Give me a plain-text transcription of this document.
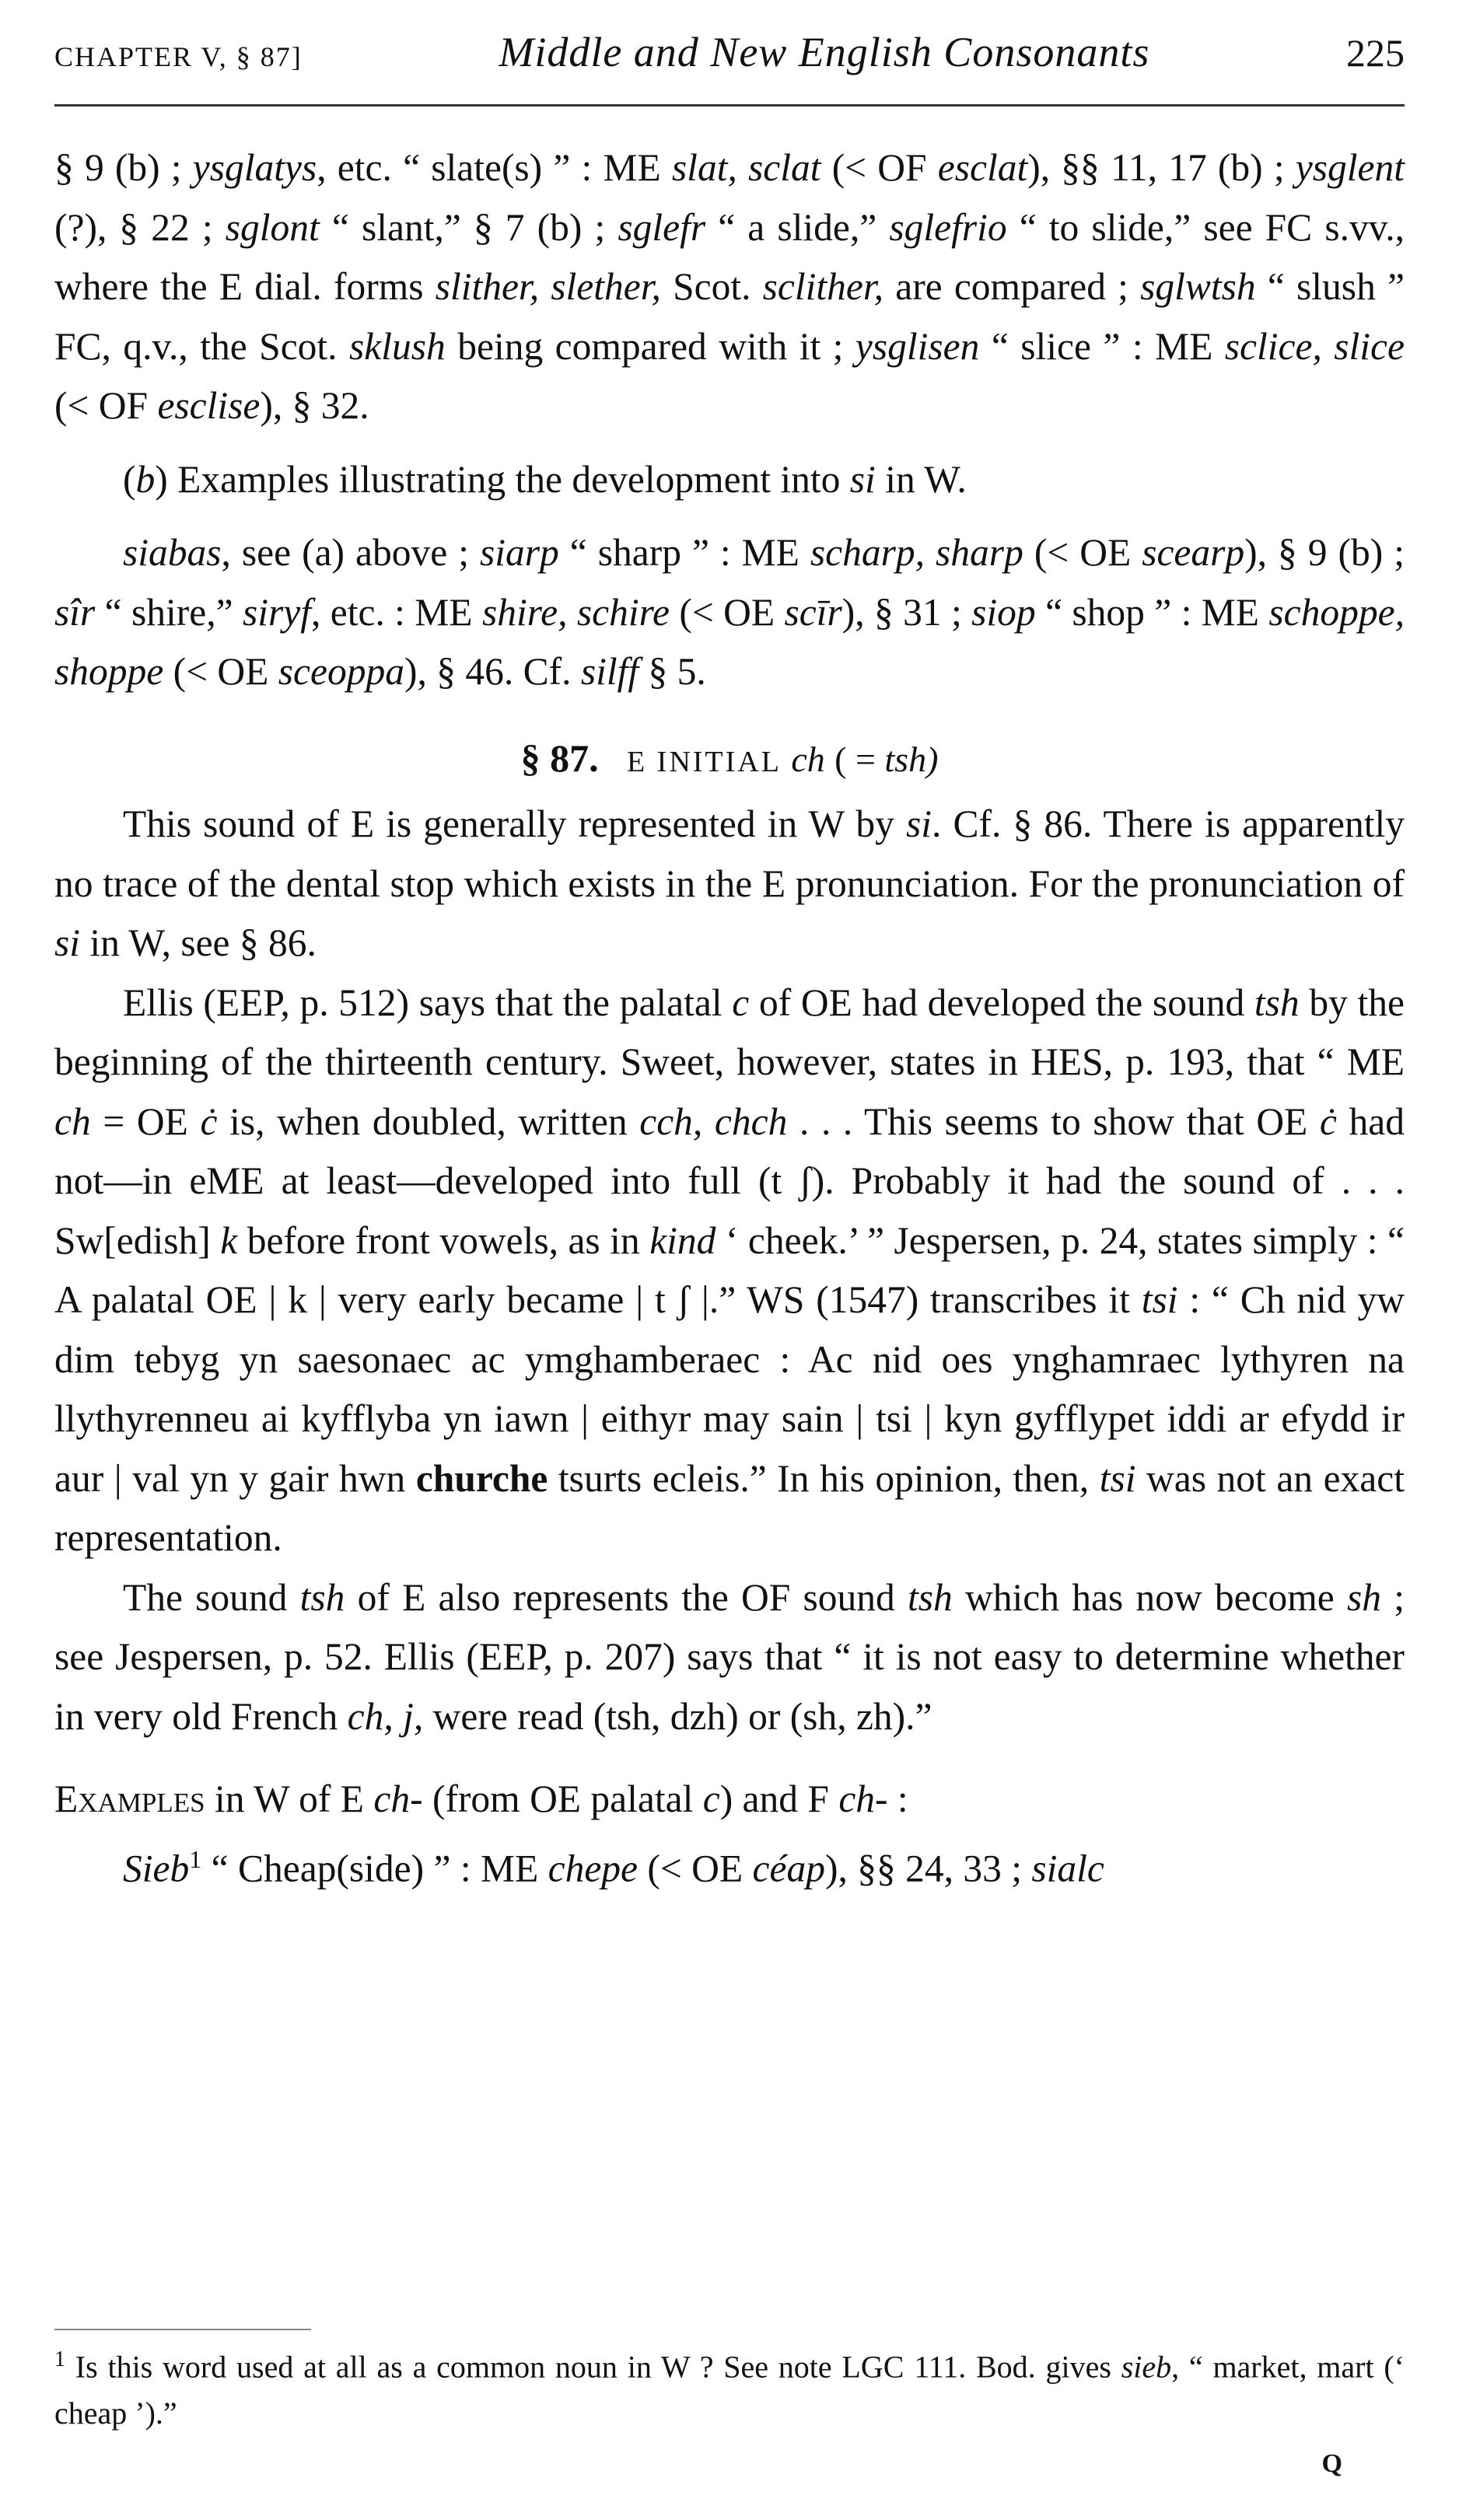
CHAPTER V, § 87]	Middle and New English Consonants	225

§ 9 (b) ; ysglatys, etc. “ slate(s) ” : ME slat, sclat (< OF esclat), §§ 11, 17 (b) ; ysglent (?), § 22 ; sglont “ slant,” § 7 (b) ; sglefr “ a slide,” sglefrio “ to slide,” see FC s.vv., where the E dial. forms slither, slether, Scot. sclither, are compared ; sglwtsh “ slush ” FC, q.v., the Scot. sklush being compared with it ; ysglisen “ slice ” : ME sclice, slice (< OF esclise), § 32.

(b) Examples illustrating the development into si in W.

siabas, see (a) above ; siarp “ sharp ” : ME scharp, sharp (< OE scearp), § 9 (b) ; sîr “ shire,” siryf, etc. : ME shire, schire (< OE scīr), § 31 ; siop “ shop ” : ME schoppe, shoppe (< OE sceoppa), § 46. Cf. silff § 5.

§ 87. E INITIAL ch ( = tsh)

This sound of E is generally represented in W by si. Cf. § 86. There is apparently no trace of the dental stop which exists in the E pronunciation. For the pronunciation of si in W, see § 86.

Ellis (EEP, p. 512) says that the palatal c of OE had developed the sound tsh by the beginning of the thirteenth century. Sweet, however, states in HES, p. 193, that “ ME ch = OE ċ is, when doubled, written cch, chch . . . This seems to show that OE ċ had not—in eME at least—developed into full (t ʃ). Probably it had the sound of . . . Sw[edish] k before front vowels, as in kind ‘ cheek.’ ” Jespersen, p. 24, states simply : “ A palatal OE | k | very early became | t ʃ |.” WS (1547) transcribes it tsi : “ Ch nid yw dim tebyg yn saesonaec ac ymghamberaec : Ac nid oes ynghamraec lythyren na llythyrenneu ai kyfflyba yn iawn | eithyr may sain | tsi | kyn gyfflypet iddi ar efydd ir aur | val yn y gair hwn churche tsurts ecleis.” In his opinion, then, tsi was not an exact representation.

The sound tsh of E also represents the OF sound tsh which has now become sh ; see Jespersen, p. 52. Ellis (EEP, p. 207) says that “ it is not easy to determine whether in very old French ch, j, were read (tsh, dzh) or (sh, zh).”

Examples in W of E ch- (from OE palatal c) and F ch- :

Sieb$^1$ “ Cheap(side) ” : ME chepe (< OE céap), §§ 24, 33 ; sialc

$^1$ Is this word used at all as a common noun in W ? See note LGC 111. Bod. gives sieb, “ market, mart (‘ cheap ’).”
Q
